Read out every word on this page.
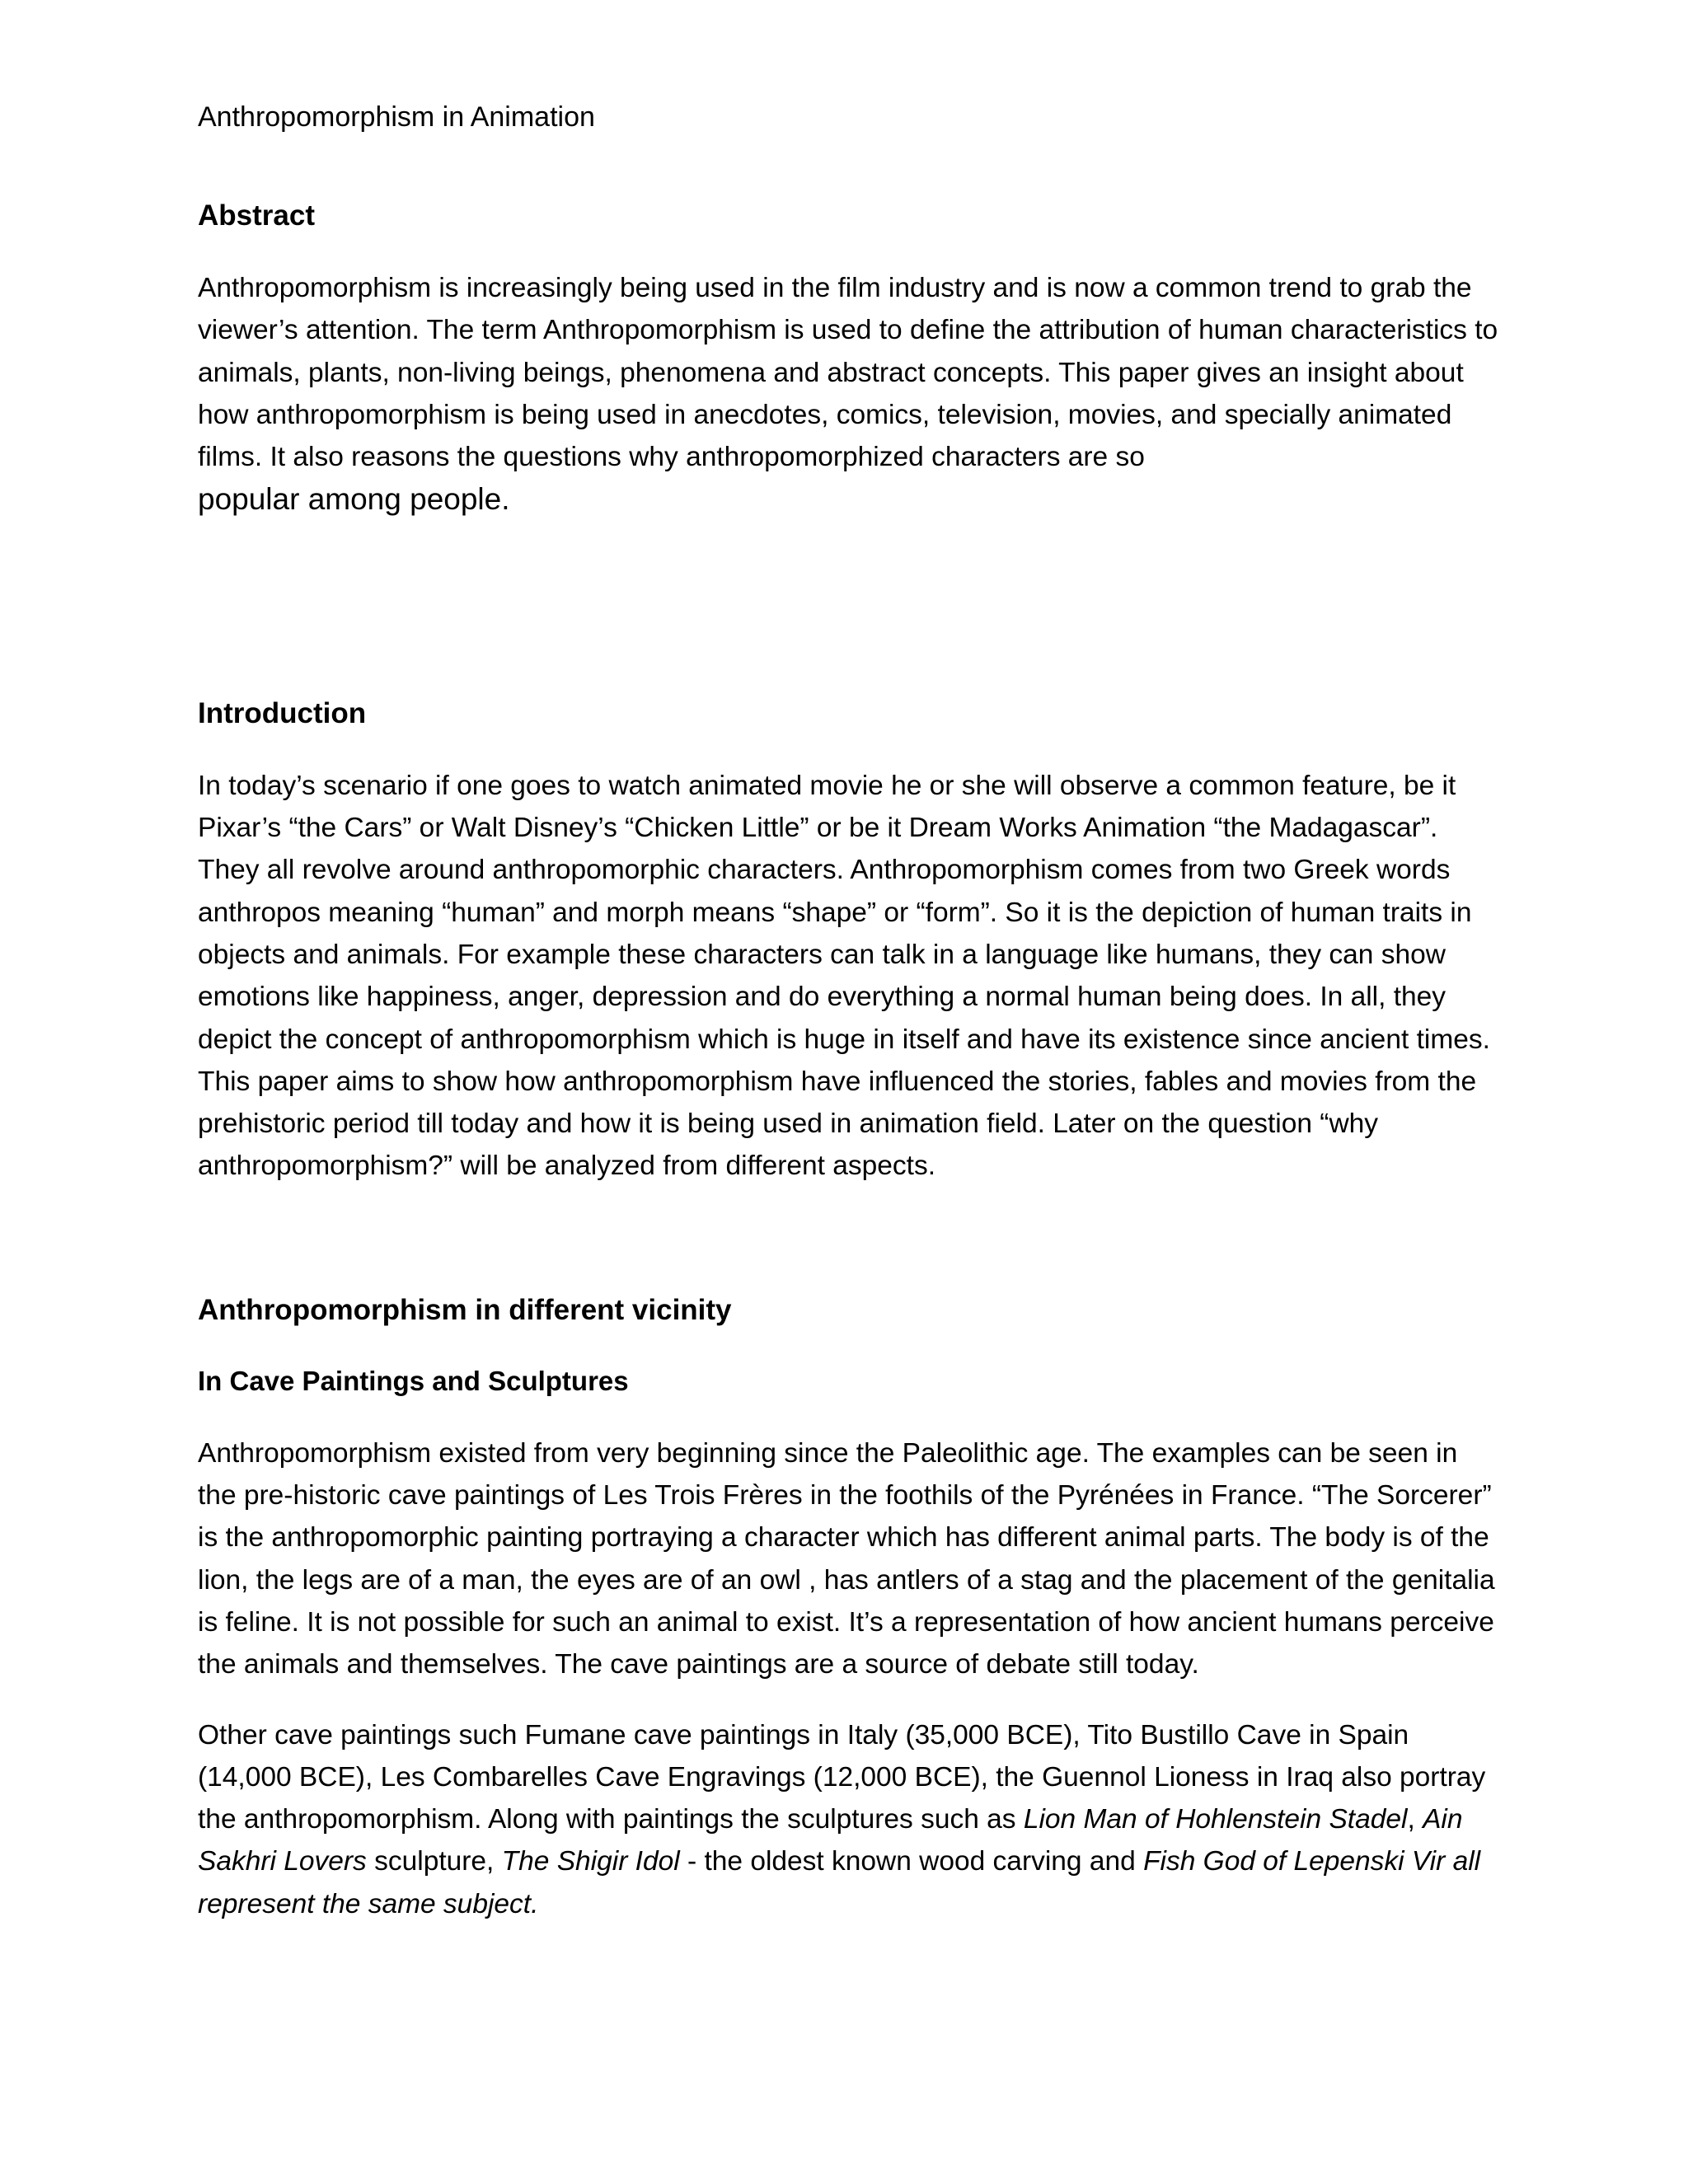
Anthropomorphism in Animation

Abstract

Anthropomorphism is increasingly being used in the film industry and is now a common trend to grab the viewer’s attention. The term Anthropomorphism is used to define the attribution of human characteristics to animals, plants, non-living beings, phenomena and abstract concepts. This paper gives an insight about how anthropomorphism is being used in anecdotes, comics, television, movies, and specially animated films. It also reasons the questions why anthropomorphized characters are so
popular among people.

Introduction

In today’s scenario if one goes to watch animated movie he or she will observe a common feature, be it Pixar’s “the Cars” or Walt Disney’s “Chicken Little” or be it Dream Works Animation “the Madagascar”. They all revolve around anthropomorphic characters. Anthropomorphism comes from two Greek words anthropos meaning “human” and morph means “shape” or “form”. So it is the depiction of human traits in objects and animals. For example these characters can talk in a language like humans, they can show emotions like happiness, anger, depression and do everything a normal human being does. In all, they depict the concept of anthropomorphism which is huge in itself and have its existence since ancient times. This paper aims to show how anthropomorphism have influenced the stories, fables and movies from the prehistoric period till today and how it is being used in animation field. Later on the question “why anthropomorphism?” will be analyzed from different aspects.

Anthropomorphism in different vicinity
In Cave Paintings and Sculptures

Anthropomorphism existed from very beginning since the Paleolithic age. The examples can be seen in the pre-historic cave paintings of Les Trois Frères in the foothils of the Pyrénées in France. “The Sorcerer” is the anthropomorphic painting portraying a character which has different animal parts. The body is of the lion, the legs are of a man, the eyes are of an owl , has antlers of a stag and the placement of the genitalia is feline. It is not possible for such an animal to exist. It’s a representation of how ancient humans perceive the animals and themselves. The cave paintings are a source of debate still today.

Other cave paintings such Fumane cave paintings in Italy (35,000 BCE), Tito Bustillo Cave in Spain (14,000 BCE), Les Combarelles Cave Engravings (12,000 BCE), the Guennol Lioness in Iraq also portray the anthropomorphism. Along with paintings the sculptures such as Lion Man of Hohlenstein Stadel, Ain Sakhri Lovers sculpture, The Shigir Idol - the oldest known wood carving and Fish God of Lepenski Vir all represent the same subject.
